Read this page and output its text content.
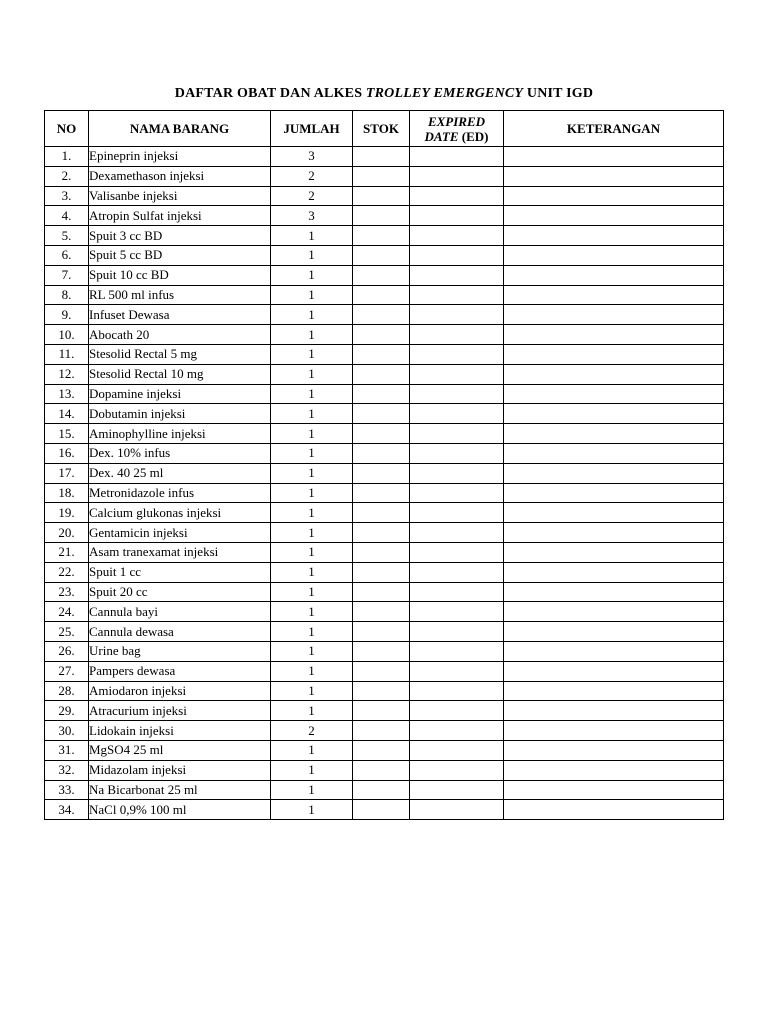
DAFTAR OBAT DAN ALKES TROLLEY EMERGENCY UNIT IGD
NO	NAMA BARANG	JUMLAH	STOK	EXPIRED
DATE (ED)	KETERANGAN
1.	Epineprin injeksi	3			
2.	Dexamethason injeksi	2			
3.	Valisanbe injeksi	2			
4.	Atropin Sulfat injeksi	3			
5.	Spuit 3 cc BD	1			
6.	Spuit 5 cc BD	1			
7.	Spuit 10 cc BD	1			
8.	RL 500 ml infus	1			
9.	Infuset Dewasa	1			
10.	Abocath 20	1			
11.	Stesolid Rectal 5 mg	1			
12.	Stesolid Rectal 10 mg	1			
13.	Dopamine injeksi	1			
14.	Dobutamin injeksi	1			
15.	Aminophylline injeksi	1			
16.	Dex. 10% infus	1			
17.	Dex. 40 25 ml	1			
18.	Metronidazole infus	1			
19.	Calcium glukonas injeksi	1			
20.	Gentamicin injeksi	1			
21.	Asam tranexamat injeksi	1			
22.	Spuit 1 cc	1			
23.	Spuit 20 cc	1			
24.	Cannula bayi	1			
25.	Cannula dewasa	1			
26.	Urine bag	1			
27.	Pampers dewasa	1			
28.	Amiodaron injeksi	1			
29.	Atracurium injeksi	1			
30.	Lidokain injeksi	2			
31.	MgSO4 25 ml	1			
32.	Midazolam injeksi	1			
33.	Na Bicarbonat 25 ml	1			
34.	NaCl 0,9% 100 ml	1			
